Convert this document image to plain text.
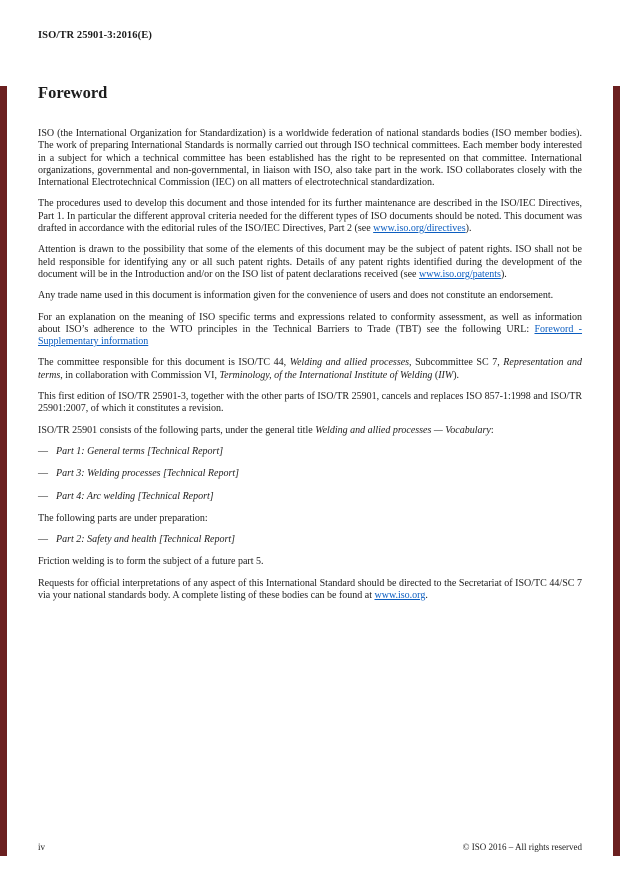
ISO/TR 25901-3:2016(E)
Foreword
ISO (the International Organization for Standardization) is a worldwide federation of national standards bodies (ISO member bodies). The work of preparing International Standards is normally carried out through ISO technical committees. Each member body interested in a subject for which a technical committee has been established has the right to be represented on that committee. International organizations, governmental and non-governmental, in liaison with ISO, also take part in the work. ISO collaborates closely with the International Electrotechnical Commission (IEC) on all matters of electrotechnical standardization.
The procedures used to develop this document and those intended for its further maintenance are described in the ISO/IEC Directives, Part 1. In particular the different approval criteria needed for the different types of ISO documents should be noted. This document was drafted in accordance with the editorial rules of the ISO/IEC Directives, Part 2 (see www.iso.org/directives).
Attention is drawn to the possibility that some of the elements of this document may be the subject of patent rights. ISO shall not be held responsible for identifying any or all such patent rights. Details of any patent rights identified during the development of the document will be in the Introduction and/or on the ISO list of patent declarations received (see www.iso.org/patents).
Any trade name used in this document is information given for the convenience of users and does not constitute an endorsement.
For an explanation on the meaning of ISO specific terms and expressions related to conformity assessment, as well as information about ISO’s adherence to the WTO principles in the Technical Barriers to Trade (TBT) see the following URL: Foreword - Supplementary information
The committee responsible for this document is ISO/TC 44, Welding and allied processes, Subcommittee SC 7, Representation and terms, in collaboration with Commission VI, Terminology, of the International Institute of Welding (IIW).
This first edition of ISO/TR 25901-3, together with the other parts of ISO/TR 25901, cancels and replaces ISO 857-1:1998 and ISO/TR 25901:2007, of which it constitutes a revision.
ISO/TR 25901 consists of the following parts, under the general title Welding and allied processes — Vocabulary:
— Part 1: General terms [Technical Report]
— Part 3: Welding processes [Technical Report]
— Part 4: Arc welding [Technical Report]
The following parts are under preparation:
— Part 2: Safety and health [Technical Report]
Friction welding is to form the subject of a future part 5.
Requests for official interpretations of any aspect of this International Standard should be directed to the Secretariat of ISO/TC 44/SC 7 via your national standards body. A complete listing of these bodies can be found at www.iso.org.
iv	© ISO 2016 – All rights reserved
